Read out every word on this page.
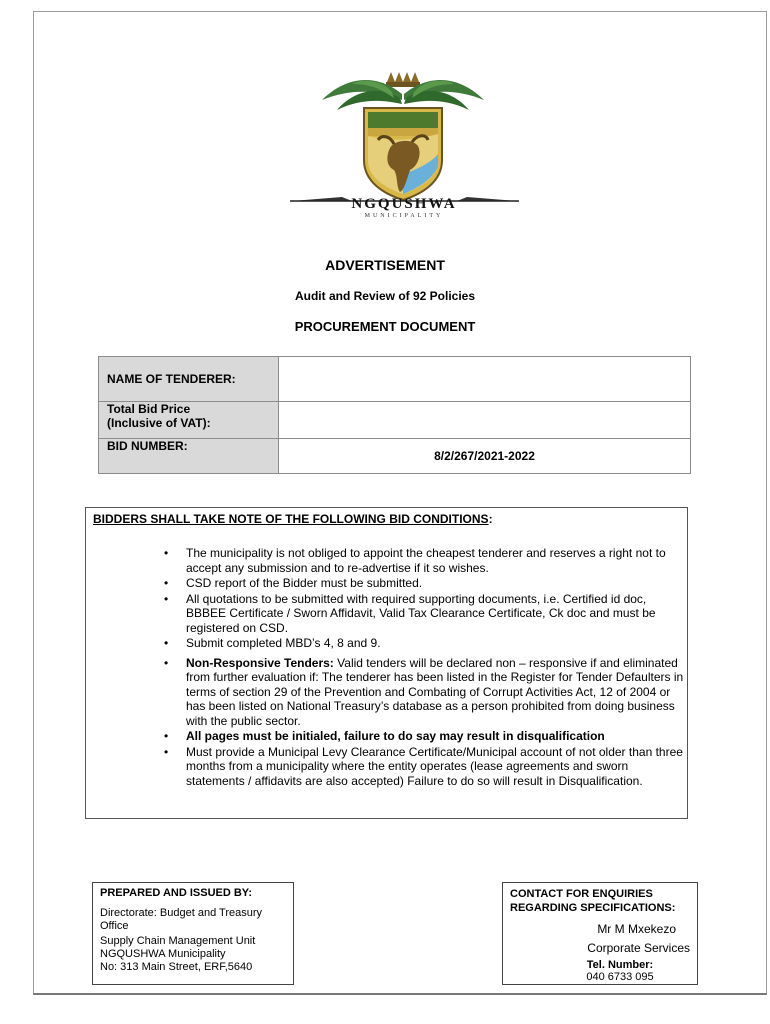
NGQUSHWA
MUNICIPALITY
ADVERTISEMENT
Audit and Review of 92 Policies
PROCUREMENT DOCUMENT
NAME OF TENDERER:	

Total Bid Price
(Inclusive of VAT):	

BID NUMBER:	8/2/267/2021-2022
BIDDERS SHALL TAKE NOTE OF THE FOLLOWING BID CONDITIONS:
• The municipality is not obliged to appoint the cheapest tenderer and reserves a right not to accept any submission and to re-advertise if it so wishes.
• CSD report of the Bidder must be submitted.
• All quotations to be submitted with required supporting documents, i.e. Certified id doc, BBBEE Certificate / Sworn Affidavit, Valid Tax Clearance Certificate, Ck doc and must be registered on CSD.
• Submit completed MBD’s 4, 8 and 9.
• Non-Responsive Tenders: Valid tenders will be declared non – responsive if and eliminated from further evaluation if: The tenderer has been listed in the Register for Tender Defaulters in terms of section 29 of the Prevention and Combating of Corrupt Activities Act, 12 of 2004 or has been listed on National Treasury’s database as a person prohibited from doing business with the public sector.
• All pages must be initialed, failure to do say may result in disqualification
• Must provide a Municipal Levy Clearance Certificate/Municipal account of not older than three months from a municipality where the entity operates (lease agreements and sworn statements / affidavits are also accepted) Failure to do so will result in Disqualification.
PREPARED AND ISSUED BY:
Directorate: Budget and Treasury
Office
Supply Chain Management Unit
NGQUSHWA Municipality
No: 313 Main Street, ERF,5640
CONTACT FOR ENQUIRIES
REGARDING SPECIFICATIONS:
Mr M Mxekezo
Corporate Services
Tel. Number:
040 6733 095
